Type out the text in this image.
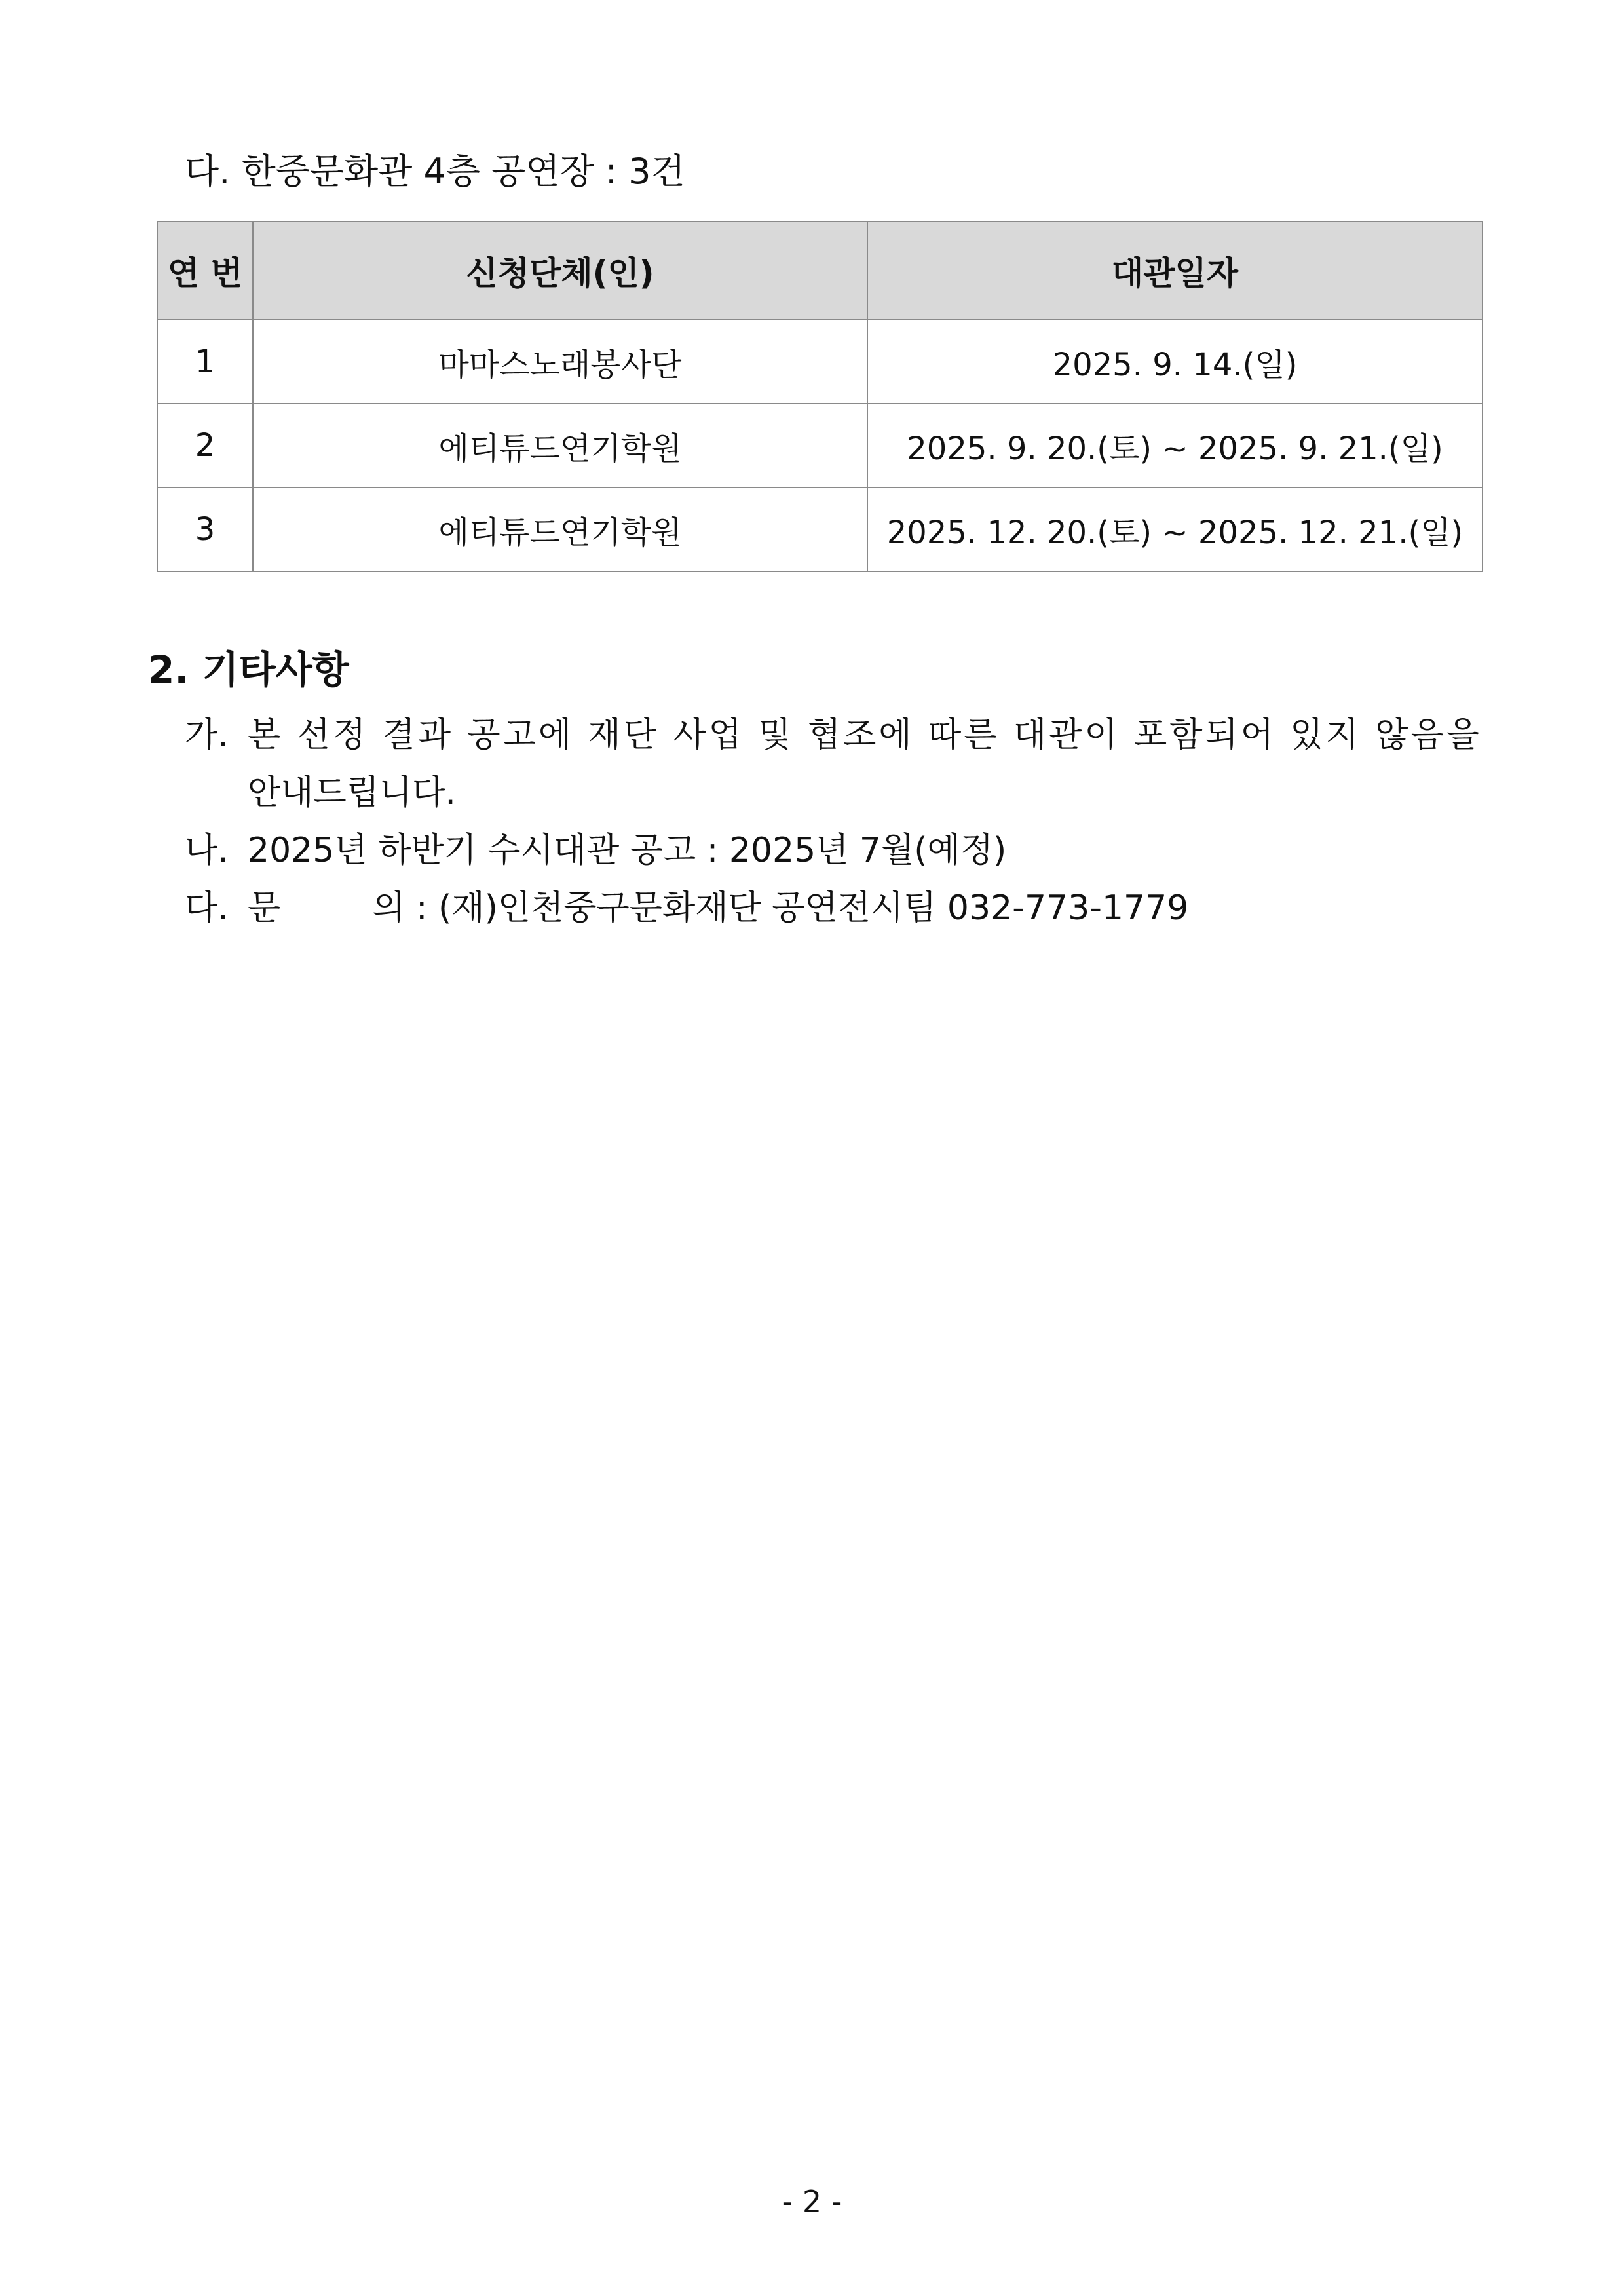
다. 한중문화관 4층 공연장 : 3건
연 번	신청단체(인)	대관일자
1	마마스노래봉사단	2025. 9. 14.(일)
2	에티튜드연기학원	2025. 9. 20.(토) ~ 2025. 9. 21.(일)
3	에티튜드연기학원	2025. 12. 20.(토) ~ 2025. 12. 21.(일)
2. 기타사항
가. 본 선정 결과 공고에 재단 사업 및 협조에 따른 대관이 포함되어 있지 않음을
안내드립니다.
나. 2025년 하반기 수시대관 공고 : 2025년 7월(예정)
다. 문	의 : (재)인천중구문화재단 공연전시팀 032-773-1779
- 2 -
